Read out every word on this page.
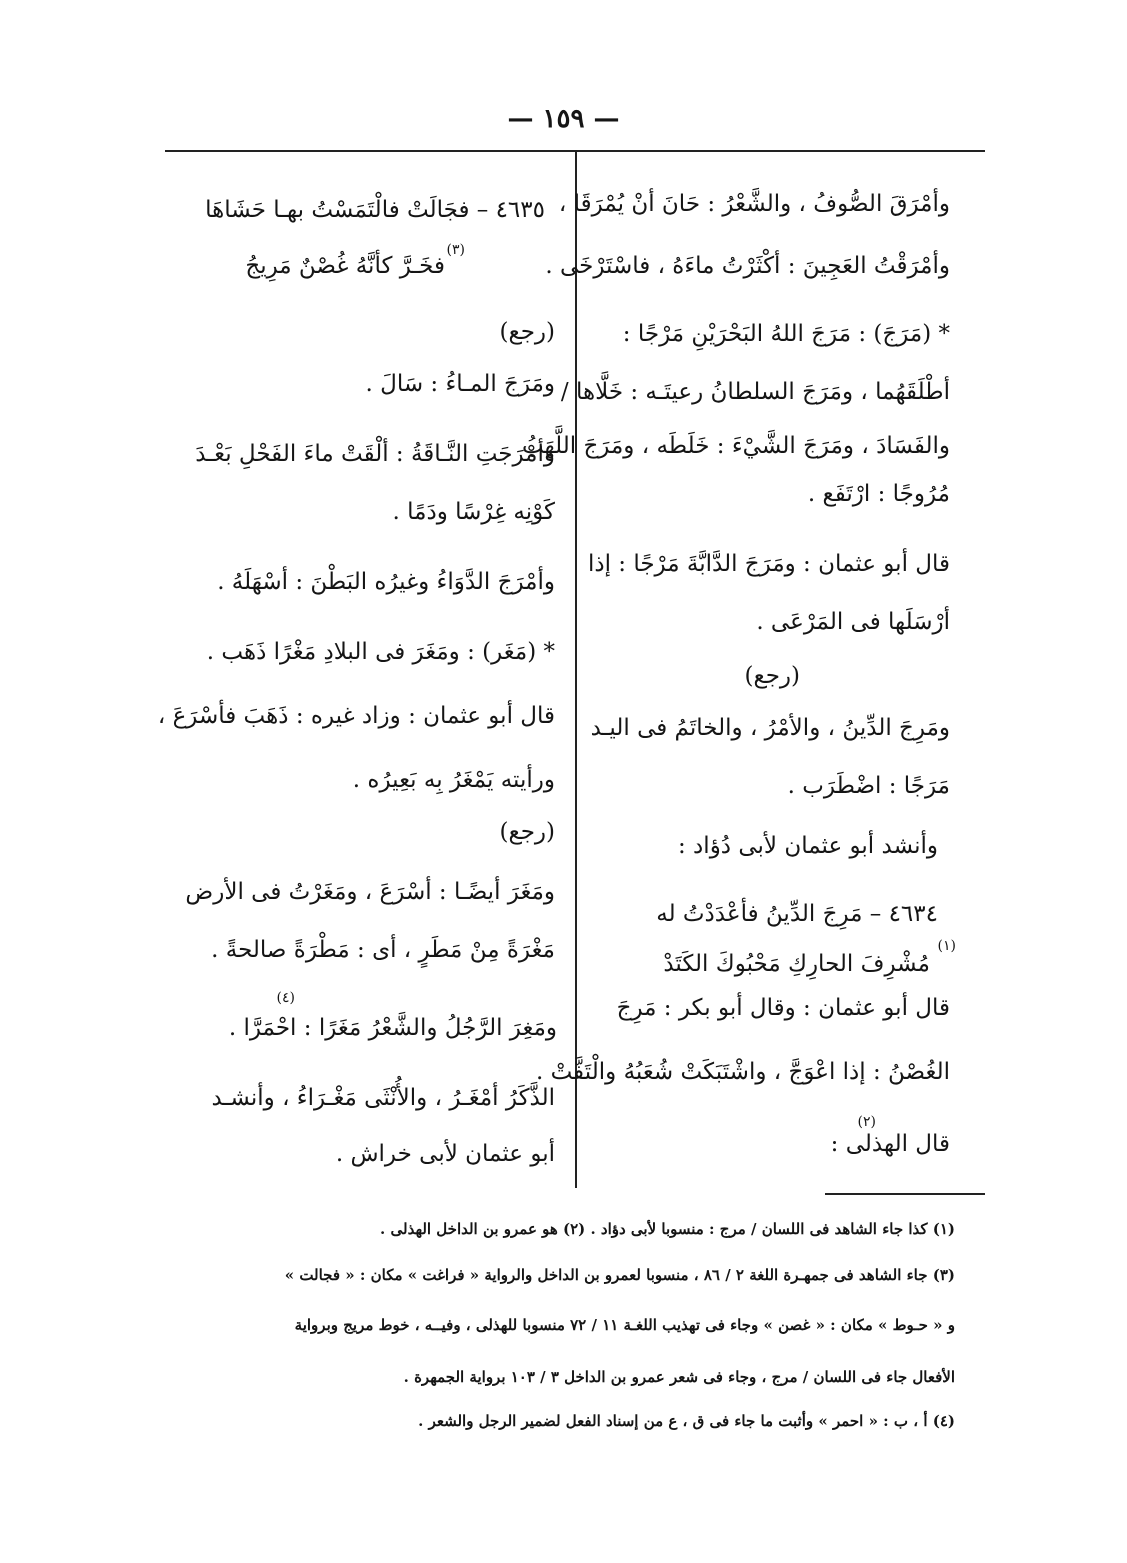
— ١٥٩ —
وأمْرَقَ الصُّوفُ ، والشَّعْرُ : حَانَ أنْ يُمْرَقَا ،
وأمْرَقْتُ العَجِينَ : أكْثَرْتُ ماءَهُ ، فاسْتَرْخَى .
* (مَرَجَ) : مَرَجَ اللهُ البَحْرَيْنِ مَرْجًا :
أطْلَقَهُما ، ومَرَجَ السلطانُ رعيتَـه : خَلَّاها /
والفَسَادَ ، ومَرَجَ الشَّيْءَ : خَلَطَه ، ومَرَجَ اللَّهَبُ
مُرُوجًا : ارْتَفَع .
قال أبو عثمان : ومَرَجَ الدَّابَّةَ مَرْجًا : إذا
أرْسَلَها فى المَرْعَى .
(رجع)
ومَرِجَ الدِّينُ ، والأمْرُ ، والخاتَمُ فى اليـد
مَرَجًا : اضْطَرَب .
وأنشد أبو عثمان لأبى دُؤاد :
٤٦٣٤ – مَرِجَ الدِّينُ فأعْدَدْتُ له
مُشْرِفَ الحارِكِ مَحْبُوكَ الكَتَدْ
(١)
قال أبو عثمان : وقال أبو بكر : مَرِجَ
الغُصْنُ : إذا اعْوَجَّ ، واشْتَبَكَتْ شُعَبُهُ والْتَفَّتْ .
قال الهذلى :
(٢)
٤٦٣٥ – فجَالَتْ فالْتَمَسْتُ بهـا حَشَاهَا
فخَـرَّ كأنَّهُ غُصْنٌ مَرِيجُ
(٣)
(رجع)
ومَرَجَ المـاءُ : سَالَ .
وأمْرَجَتِ النَّـاقَةُ : ألْقَتْ ماءَ الفَحْلِ بَعْـدَ
كَوْنِه غِرْسًا ودَمًا .
وأمْرَجَ الدَّوَاءُ وغيرُه البَطْنَ : أسْهَلَهُ .
* (مَغَر) : ومَغَرَ فى البلادِ مَغْرًا ذَهَب .
قال أبو عثمان : وزاد غيره : ذَهَبَ فأسْرَعَ ،
ورأيته يَمْغَرُ بِه بَعِيرُه .
(رجع)
ومَغَرَ أيضًـا : أسْرَعَ ، ومَغَرْتُ فى الأرض
مَغْرَةً مِنْ مَطَرٍ ، أى : مَطْرَةً صالحةً .
ومَغِرَ الرَّجُلُ والشَّعْرُ مَغَرًا : احْمَرَّا .
(٤)
الذَّكَرُ أمْغَـرُ ، والأُنْثَى مَغْـرَاءُ ، وأنشـد
أبو عثمان لأبى خراش .
(١) كذا جاء الشاهد فى اللسان / مرج : منسوبا لأبى دؤاد . (٢) هو عمرو بن الداخل الهذلى .
(٣) جاء الشاهد فى جمهـرة اللغة ٢ / ٨٦ ، منسوبا لعمرو بن الداخل والرواية « فراغت » مكان : « فجالت »
و « حـوط » مكان : « غصن » وجاء فى تهذيب اللغـة ١١ / ٧٢ منسوبا للهذلى ، وفيــه ، خوط مريج وبرواية
الأفعال جاء فى اللسان / مرج ، وجاء فى شعر عمرو بن الداخل ٣ / ١٠٣ برواية الجمهرة .
(٤) أ ، ب : « احمر » وأثبت ما جاء فى ق ، ع من إسناد الفعل لضمير الرجل والشعر .
